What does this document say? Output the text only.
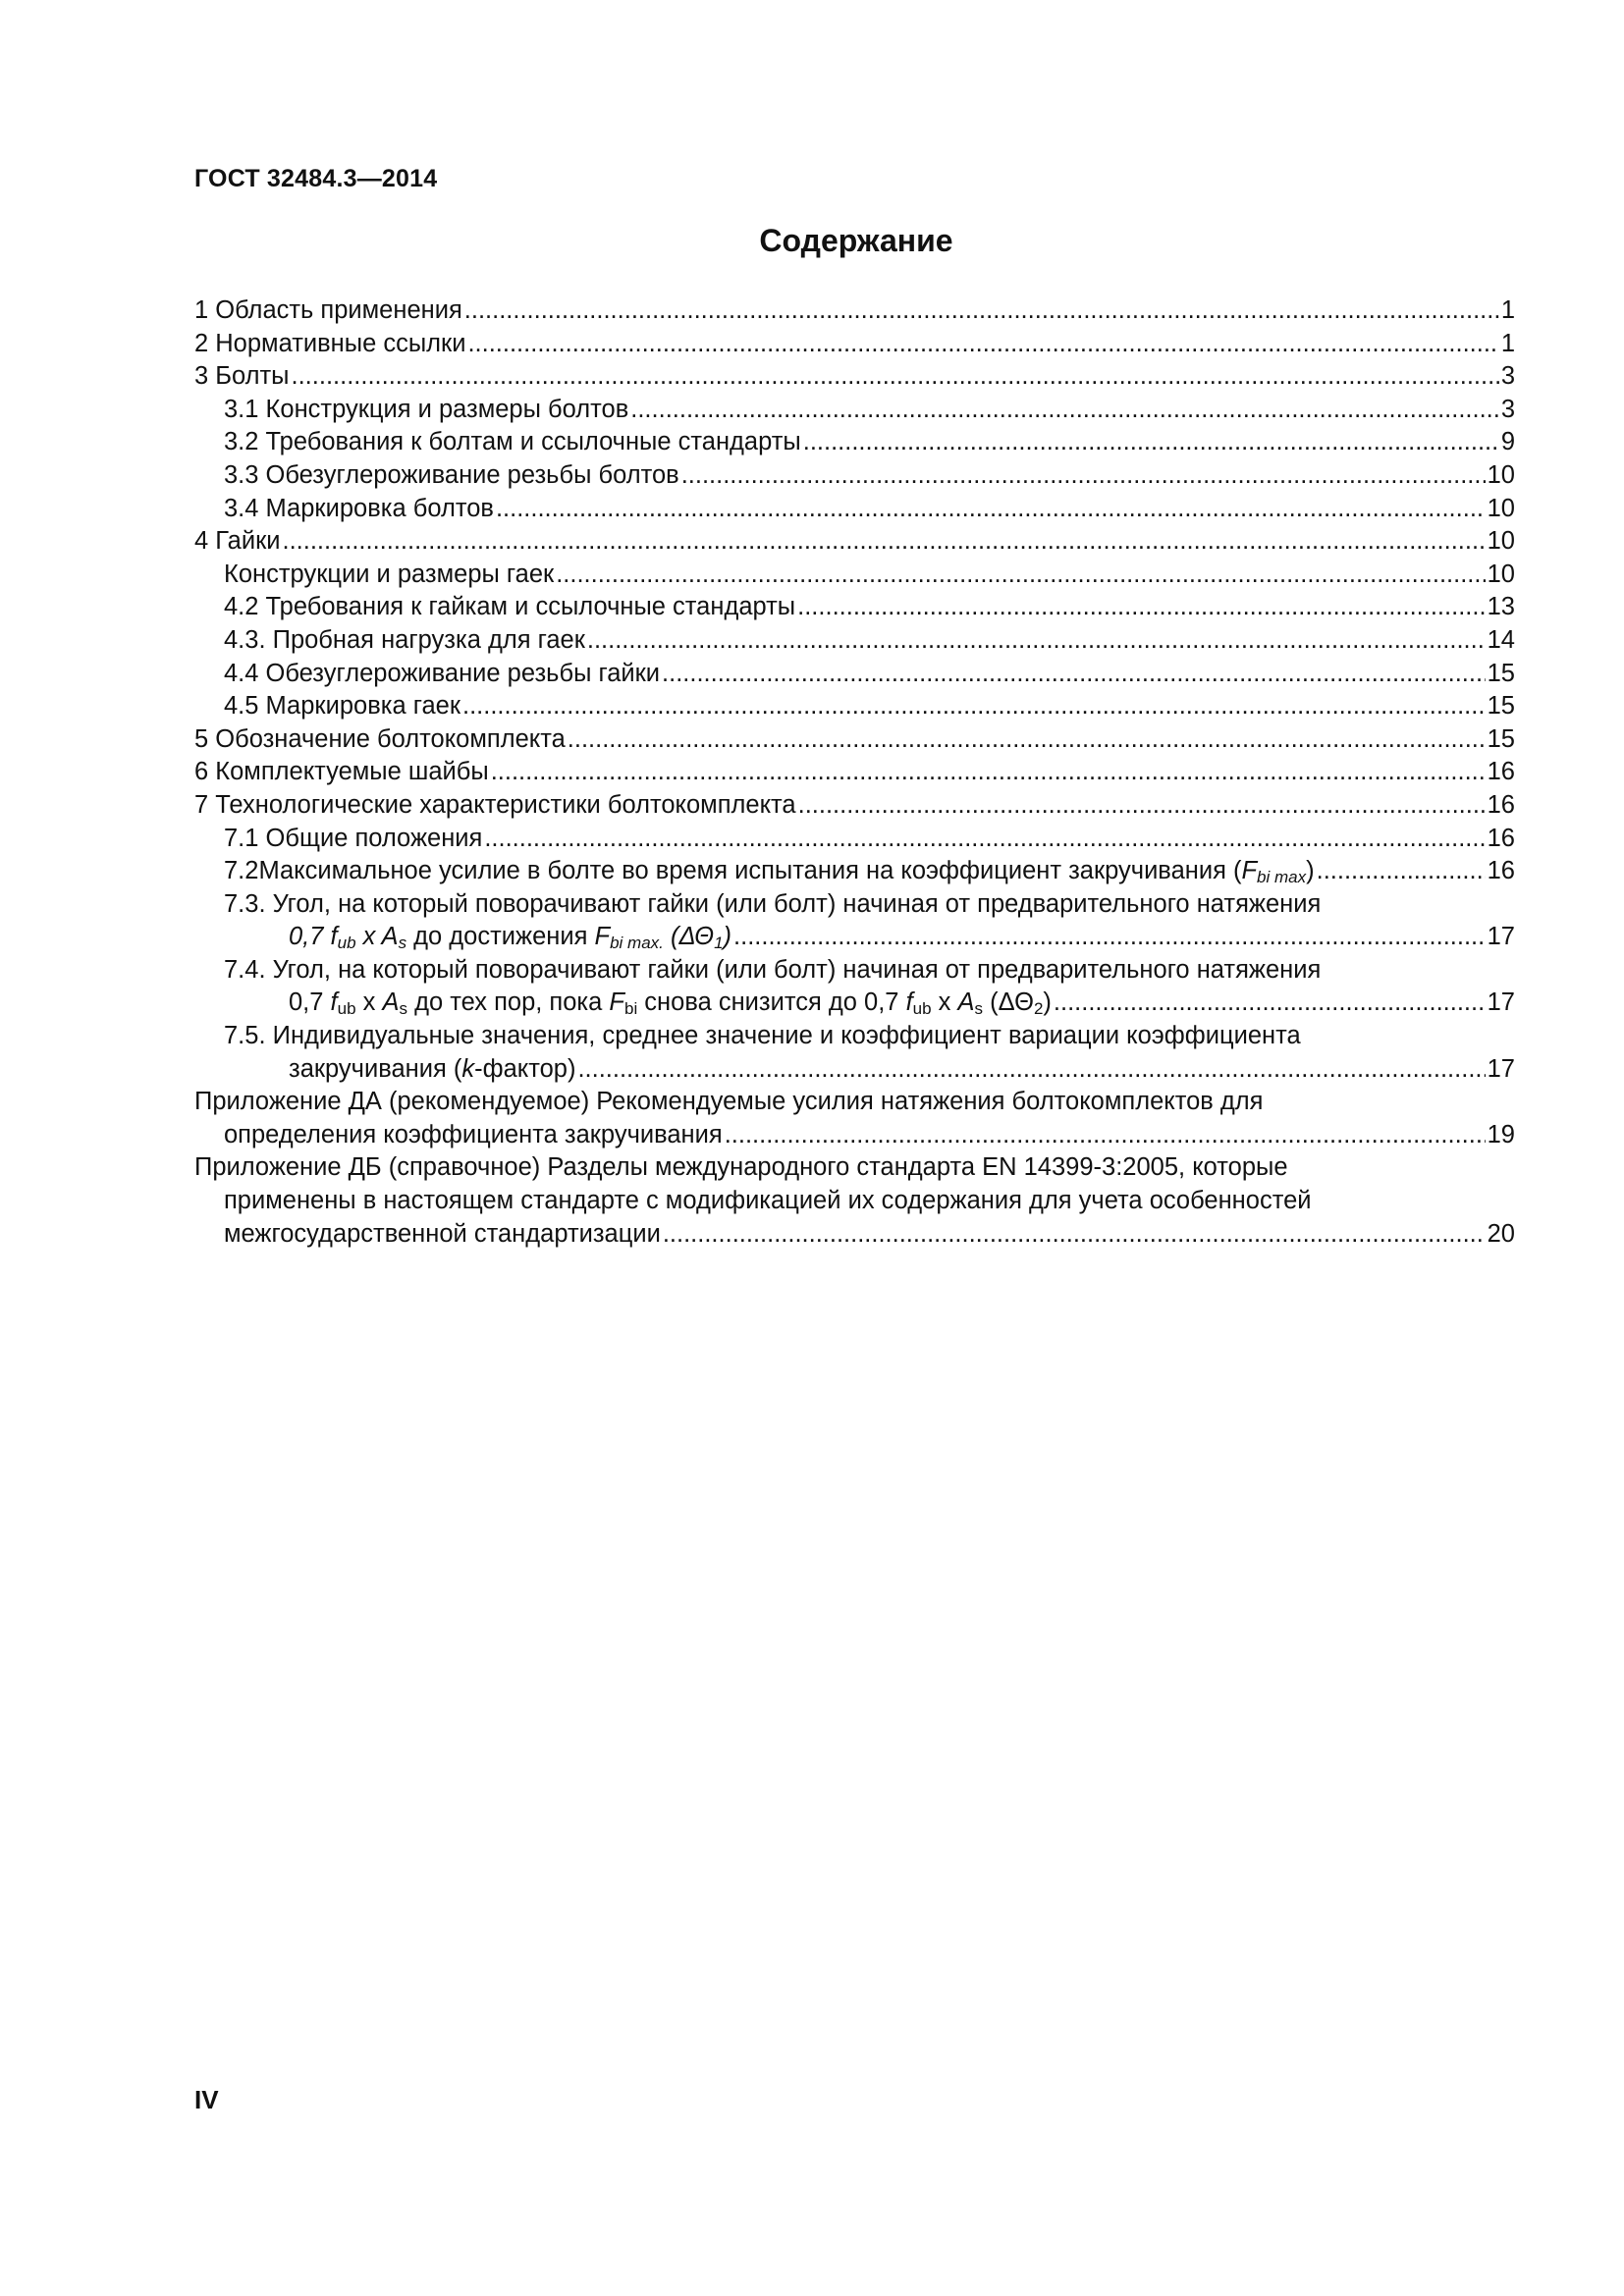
ГОСТ 32484.3—2014
Содержание
1 Область применения .....	1
2 Нормативные ссылки .....	1
3 Болты .....	3
3.1 Конструкция и размеры болтов .....	3
3.2 Требования к болтам и ссылочные стандарты .....	9
3.3 Обезуглероживание резьбы болтов .....	10
3.4 Маркировка болтов .....	10
4 Гайки .....	10
Конструкции и размеры гаек .....	10
4.2 Требования к гайкам и ссылочные стандарты .....	13
4.3. Пробная нагрузка для гаек .....	14
4.4 Обезуглероживание резьбы гайки .....	15
4.5 Маркировка гаек .....	15
5 Обозначение болтокомплекта .....	15
6 Комплектуемые шайбы .....	16
7 Технологические характеристики болтокомплекта .....	16
7.1 Общие положения .....	16
7.2Максимальное усилие в болте во время испытания на коэффициент закручивания $(F_{bi max})$ .....	16
7.3. Угол, на который поворачивают гайки (или болт) начиная от предварительного натяжения
0,7 $f_{ub}$ x $A_s$ до достижения $F_{bi max.}$ $(\Delta\Theta_1)$ .....	17
7.4. Угол, на который поворачивают гайки (или болт) начиная от предварительного натяжения
0,7 $f_{ub}$ x $A_s$ до тех пор, пока $F_{bi}$ снова снизится до 0,7 $f_{ub}$ x $A_s$ $(\Delta\Theta_2)$ .....	17
7.5. Индивидуальные значения, среднее значение и коэффициент вариации коэффициента
закручивания (k-фактор) .....	17
Приложение ДА (рекомендуемое) Рекомендуемые усилия натяжения болтокомплектов для
определения коэффициента закручивания .....	19
Приложение ДБ (справочное) Разделы международного стандарта EN 14399-3:2005, которые
применены в настоящем стандарте с модификацией их содержания для учета особенностей
межгосударственной стандартизации .....	20
IV
